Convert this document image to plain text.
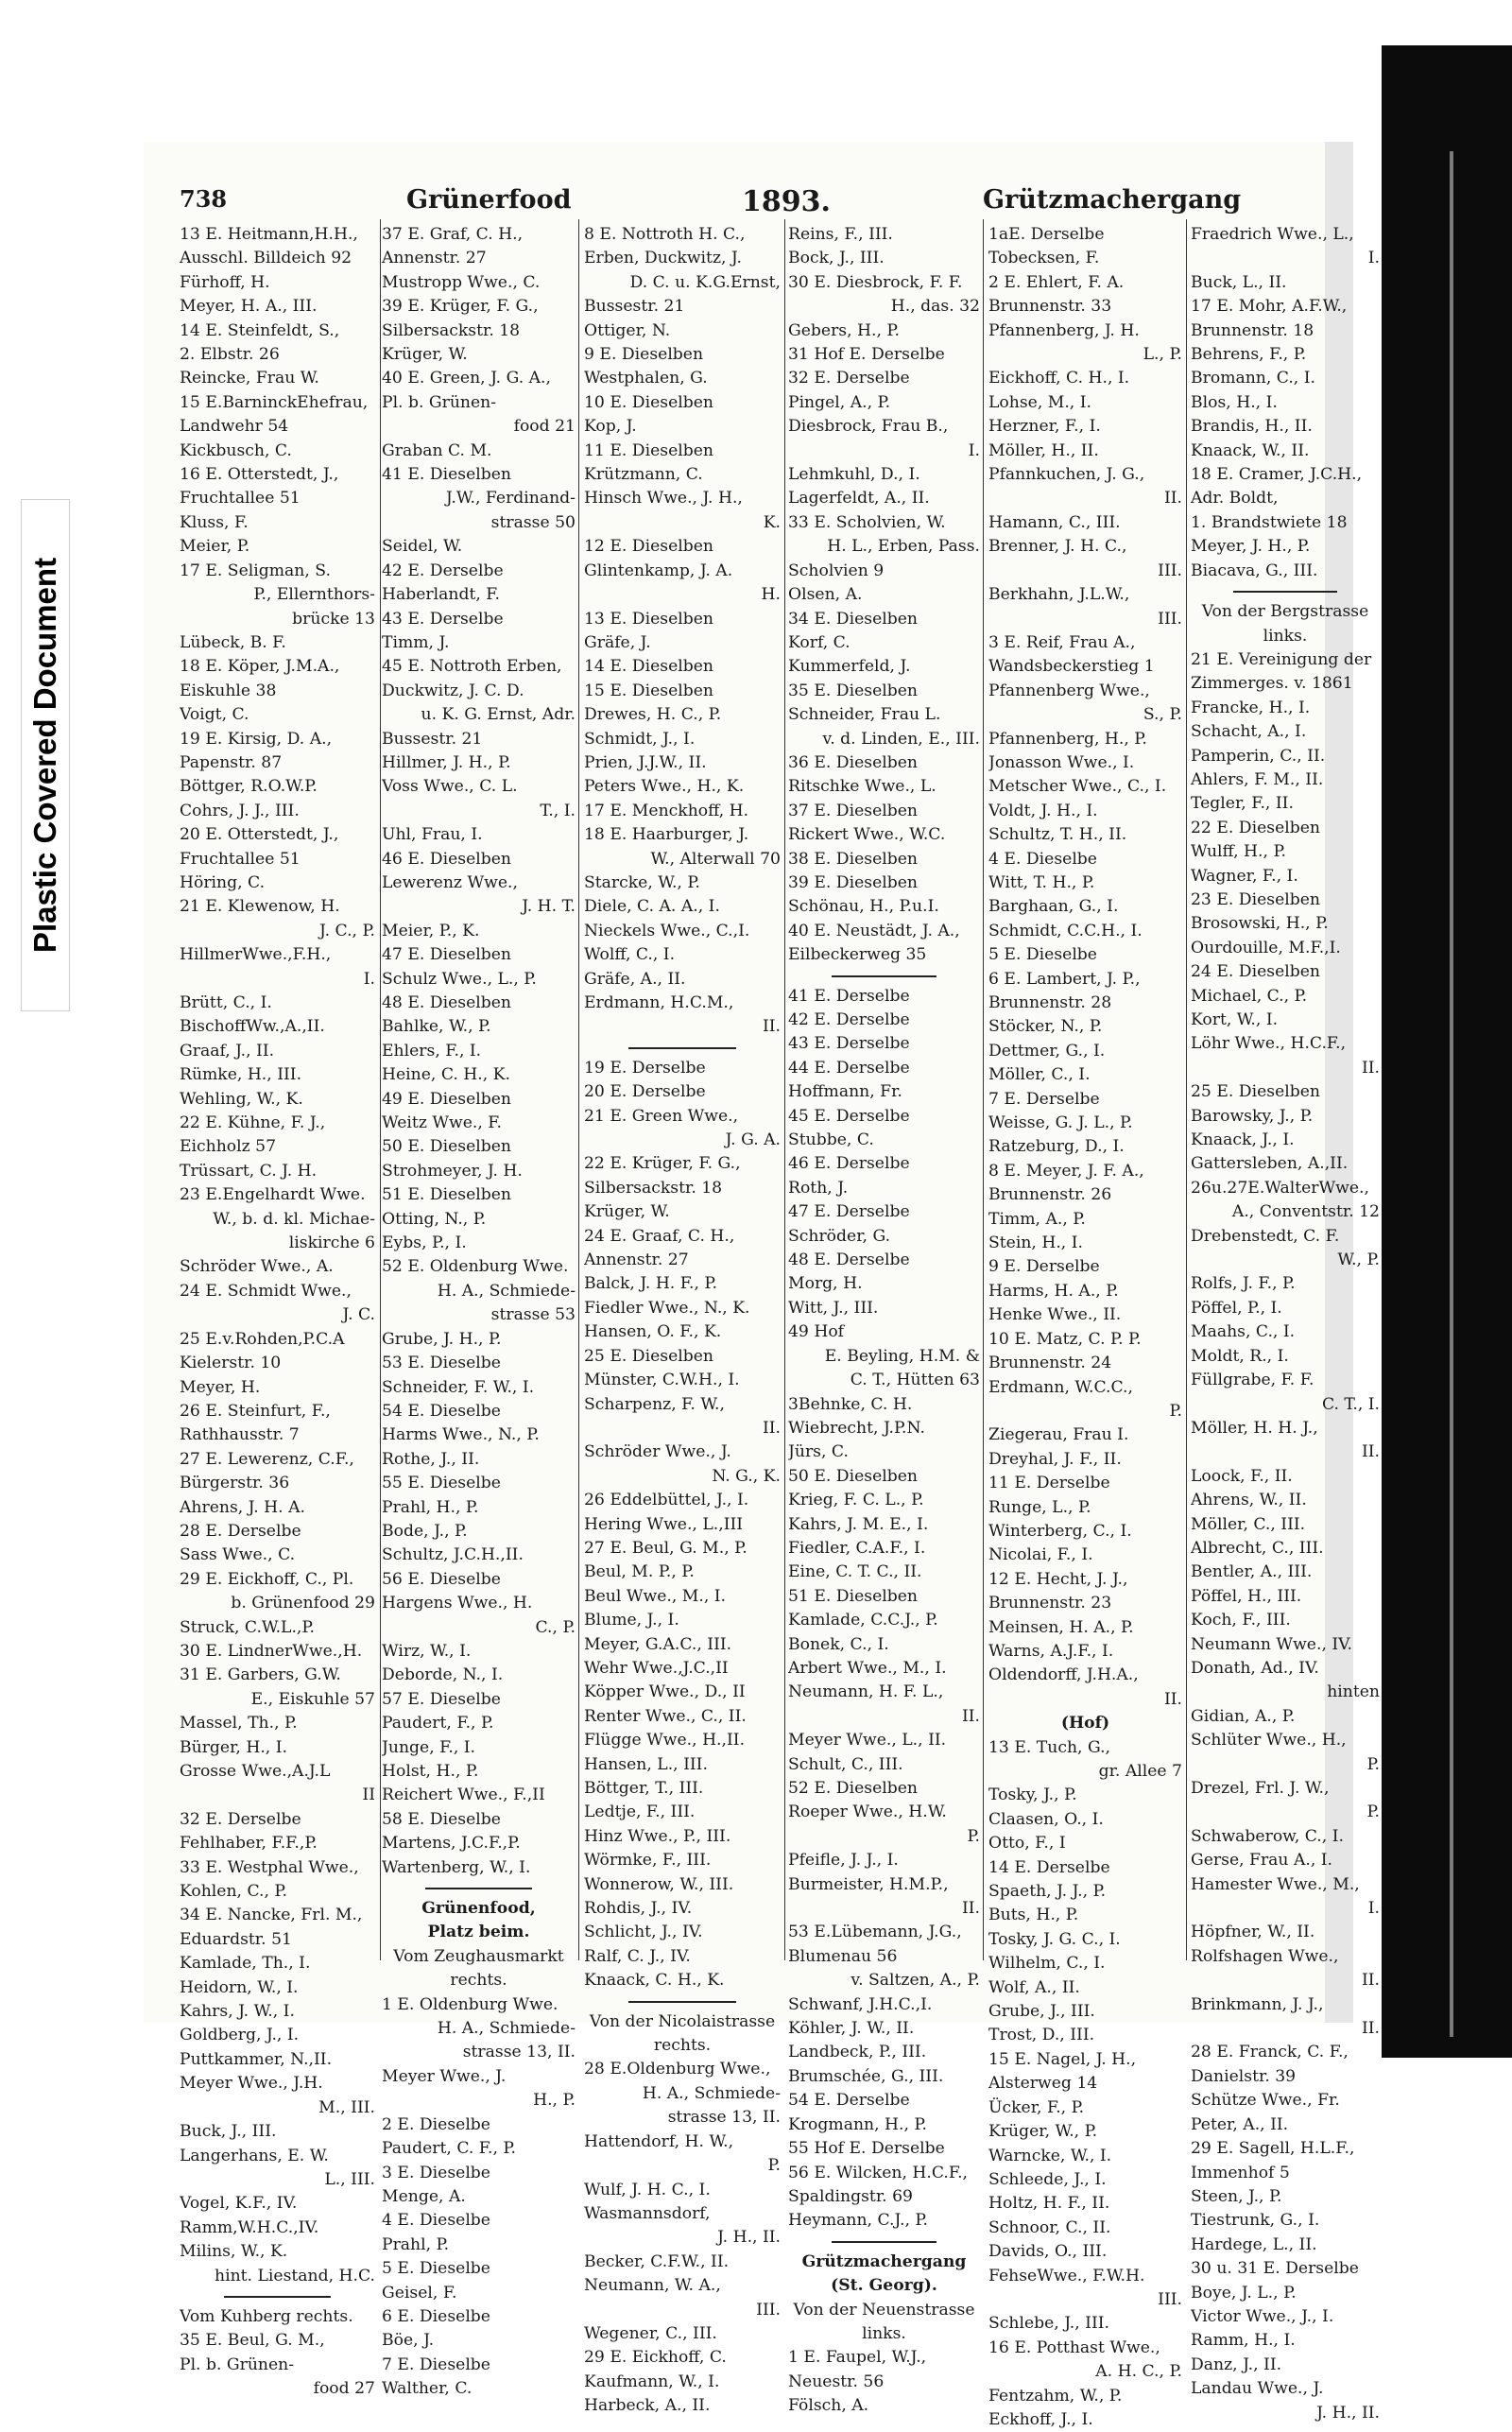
Plastic Covered Document
738	Grünerfood	1893.	Grützmachergang
13 E. Heitmann,H.H.,
Ausschl. Billdeich 92
Fürhoff, H.
Meyer, H. A., III.
14 E. Steinfeldt, S.,
2. Elbstr. 26
Reincke, Frau W.
15 E.BarninckEhefrau,
Landwehr 54
Kickbusch, C.
16 E. Otterstedt, J.,
Fruchtallee 51
Kluss, F.
Meier, P.
17 E. Seligman, S.
P., Ellernthors-
brücke 13
Lübeck, B. F.
18 E. Köper, J.M.A.,
Eiskuhle 38
Voigt, C.
19 E. Kirsig, D. A.,
Papenstr. 87
Böttger, R.O.W.P.
Cohrs, J. J., III.
20 E. Otterstedt, J.,
Fruchtallee 51
Höring, C.
21 E. Klewenow, H.
J. C., P.
HillmerWwe.,F.H.,
I.
Brütt, C., I.
BischoffWw.,A.,II.
Graaf, J., II.
Rümke, H., III.
Wehling, W., K.
22 E. Kühne, F. J.,
Eichholz 57
Trüssart, C. J. H.
23 E.Engelhardt Wwe.
W., b. d. kl. Michae-
liskirche 6
Schröder Wwe., A.
24 E. Schmidt Wwe.,
J. C.
25 E.v.Rohden,P.C.A
Kielerstr. 10
Meyer, H.
26 E. Steinfurt, F.,
Rathhausstr. 7
27 E. Lewerenz, C.F.,
Bürgerstr. 36
Ahrens, J. H. A.
28 E. Derselbe
Sass Wwe., C.
29 E. Eickhoff, C., Pl.
b. Grünenfood 29
Struck, C.W.L.,P.
30 E. LindnerWwe.,H.
31 E. Garbers, G.W.
E., Eiskuhle 57
Massel, Th., P.
Bürger, H., I.
Grosse Wwe.,A.J.L
II
32 E. Derselbe
Fehlhaber, F.F.,P.
33 E. Westphal Wwe.,
Kohlen, C., P.
34 E. Nancke, Frl. M.,
Eduardstr. 51
Kamlade, Th., I.
Heidorn, W., I.
Kahrs, J. W., I.
Goldberg, J., I.
Puttkammer, N.,II.
Meyer Wwe., J.H.
M., III.
Buck, J., III.
Langerhans, E. W.
L., III.
Vogel, K.F., IV.
Ramm,W.H.C.,IV.
Milins, W., K.
hint. Liestand, H.C.
Vom Kuhberg rechts.
35 E. Beul, G. M.,
Pl. b. Grünen-
food 27
37 E. Graf, C. H.,
Annenstr. 27
Mustropp Wwe., C.
39 E. Krüger, F. G.,
Silbersackstr. 18
Krüger, W.
40 E. Green, J. G. A.,
Pl. b. Grünen-
food 21
Graban C. M.
41 E. Dieselben
J.W., Ferdinand-
strasse 50
Seidel, W.
42 E. Derselbe
Haberlandt, F.
43 E. Derselbe
Timm, J.
45 E. Nottroth Erben,
Duckwitz, J. C. D.
u. K. G. Ernst, Adr.
Bussestr. 21
Hillmer, J. H., P.
Voss Wwe., C. L.
T., I.
Uhl, Frau, I.
46 E. Dieselben
Lewerenz Wwe.,
J. H. T.
Meier, P., K.
47 E. Dieselben
Schulz Wwe., L., P.
48 E. Dieselben
Bahlke, W., P.
Ehlers, F., I.
Heine, C. H., K.
49 E. Dieselben
Weitz Wwe., F.
50 E. Dieselben
Strohmeyer, J. H.
51 E. Dieselben
Otting, N., P.
Eybs, P., I.
52 E. Oldenburg Wwe.
H. A., Schmiede-
strasse 53
Grube, J. H., P.
53 E. Dieselbe
Schneider, F. W., I.
54 E. Dieselbe
Harms Wwe., N., P.
Rothe, J., II.
55 E. Dieselbe
Prahl, H., P.
Bode, J., P.
Schultz, J.C.H.,II.
56 E. Dieselbe
Hargens Wwe., H.
C., P.
Wirz, W., I.
Deborde, N., I.
57 E. Dieselbe
Paudert, F., P.
Junge, F., I.
Holst, H., P.
Reichert Wwe., F.,II
58 E. Dieselbe
Martens, J.C.F.,P.
Wartenberg, W., I.
Grünenfood,
Platz beim.
Vom Zeughausmarkt
rechts.
1 E. Oldenburg Wwe.
H. A., Schmiede-
strasse 13, II.
Meyer Wwe., J.
H., P.
2 E. Dieselbe
Paudert, C. F., P.
3 E. Dieselbe
Menge, A.
4 E. Dieselbe
Prahl, P.
5 E. Dieselbe
Geisel, F.
6 E. Dieselbe
Böe, J.
7 E. Dieselbe
Walther, C.
8 E. Nottroth H. C.,
Erben, Duckwitz, J.
D. C. u. K.G.Ernst,
Bussestr. 21
Ottiger, N.
9 E. Dieselben
Westphalen, G.
10 E. Dieselben
Kop, J.
11 E. Dieselben
Krützmann, C.
Hinsch Wwe., J. H.,
K.
12 E. Dieselben
Glintenkamp, J. A.
H.
13 E. Dieselben
Gräfe, J.
14 E. Dieselben
15 E. Dieselben
Drewes, H. C., P.
Schmidt, J., I.
Prien, J.J.W., II.
Peters Wwe., H., K.
17 E. Menckhoff, H.
18 E. Haarburger, J.
W., Alterwall 70
Starcke, W., P.
Diele, C. A. A., I.
Nieckels Wwe., C.,I.
Wolff, C., I.
Gräfe, A., II.
Erdmann, H.C.M.,
II.
19 E. Derselbe
20 E. Derselbe
21 E. Green Wwe.,
J. G. A.
22 E. Krüger, F. G.,
Silbersackstr. 18
Krüger, W.
24 E. Graaf, C. H.,
Annenstr. 27
Balck, J. H. F., P.
Fiedler Wwe., N., K.
Hansen, O. F., K.
25 E. Dieselben
Münster, C.W.H., I.
Scharpenz, F. W.,
II.
Schröder Wwe., J.
N. G., K.
26 Eddelbüttel, J., I.
Hering Wwe., L.,III
27 E. Beul, G. M., P.
Beul, M. P., P.
Beul Wwe., M., I.
Blume, J., I.
Meyer, G.A.C., III.
Wehr Wwe.,J.C.,II
Köpper Wwe., D., II
Renter Wwe., C., II.
Flügge Wwe., H.,II.
Hansen, L., III.
Böttger, T., III.
Ledtje, F., III.
Hinz Wwe., P., III.
Wörmke, F., III.
Wonnerow, W., III.
Rohdis, J., IV.
Schlicht, J., IV.
Ralf, C. J., IV.
Knaack, C. H., K.
Von der Nicolaistrasse
rechts.
28 E.Oldenburg Wwe.,
H. A., Schmiede-
strasse 13, II.
Hattendorf, H. W.,
P.
Wulf, J. H. C., I.
Wasmannsdorf,
J. H., II.
Becker, C.F.W., II.
Neumann, W. A.,
III.
Wegener, C., III.
29 E. Eickhoff, C.
Kaufmann, W., I.
Harbeck, A., II.
Reins, F., III.
Bock, J., III.
30 E. Diesbrock, F. F.
H., das. 32
Gebers, H., P.
31 Hof E. Derselbe
32 E. Derselbe
Pingel, A., P.
Diesbrock, Frau B.,
I.
Lehmkuhl, D., I.
Lagerfeldt, A., II.
33 E. Scholvien, W.
H. L., Erben, Pass.
Scholvien 9
Olsen, A.
34 E. Dieselben
Korf, C.
Kummerfeld, J.
35 E. Dieselben
Schneider, Frau L.
v. d. Linden, E., III.
36 E. Dieselben
Ritschke Wwe., L.
37 E. Dieselben
Rickert Wwe., W.C.
38 E. Dieselben
39 E. Dieselben
Schönau, H., P.u.I.
40 E. Neustädt, J. A.,
Eilbeckerweg 35
41 E. Derselbe
42 E. Derselbe
43 E. Derselbe
44 E. Derselbe
Hoffmann, Fr.
45 E. Derselbe
Stubbe, C.
46 E. Derselbe
Roth, J.
47 E. Derselbe
Schröder, G.
48 E. Derselbe
Morg, H.
Witt, J., III.
49 Hof
E. Beyling, H.M. &
C. T., Hütten 63
3Behnke, C. H.
Wiebrecht, J.P.N.
Jürs, C.
50 E. Dieselben
Krieg, F. C. L., P.
Kahrs, J. M. E., I.
Fiedler, C.A.F., I.
Eine, C. T. C., II.
51 E. Dieselben
Kamlade, C.C.J., P.
Bonek, C., I.
Arbert Wwe., M., I.
Neumann, H. F. L.,
II.
Meyer Wwe., L., II.
Schult, C., III.
52 E. Dieselben
Roeper Wwe., H.W.
P.
Pfeifle, J. J., I.
Burmeister, H.M.P.,
II.
53 E.Lübemann, J.G.,
Blumenau 56
v. Saltzen, A., P.
Schwanf, J.H.C.,I.
Köhler, J. W., II.
Landbeck, P., III.
Brumschée, G., III.
54 E. Derselbe
Krogmann, H., P.
55 Hof E. Derselbe
56 E. Wilcken, H.C.F.,
Spaldingstr. 69
Heymann, C.J., P.
Grützmachergang
(St. Georg).
Von der Neuenstrasse
links.
1 E. Faupel, W.J.,
Neuestr. 56
Fölsch, A.
1aE. Derselbe
Tobecksen, F.
2 E. Ehlert, F. A.
Brunnenstr. 33
Pfannenberg, J. H.
L., P.
Eickhoff, C. H., I.
Lohse, M., I.
Herzner, F., I.
Möller, H., II.
Pfannkuchen, J. G.,
II.
Hamann, C., III.
Brenner, J. H. C.,
III.
Berkhahn, J.L.W.,
III.
3 E. Reif, Frau A.,
Wandsbeckerstieg 1
Pfannenberg Wwe.,
S., P.
Pfannenberg, H., P.
Jonasson Wwe., I.
Metscher Wwe., C., I.
Voldt, J. H., I.
Schultz, T. H., II.
4 E. Dieselbe
Witt, T. H., P.
Barghaan, G., I.
Schmidt, C.C.H., I.
5 E. Dieselbe
6 E. Lambert, J. P.,
Brunnenstr. 28
Stöcker, N., P.
Dettmer, G., I.
Möller, C., I.
7 E. Derselbe
Weisse, G. J. L., P.
Ratzeburg, D., I.
8 E. Meyer, J. F. A.,
Brunnenstr. 26
Timm, A., P.
Stein, H., I.
9 E. Derselbe
Harms, H. A., P.
Henke Wwe., II.
10 E. Matz, C. P. P.
Brunnenstr. 24
Erdmann, W.C.C.,
P.
Ziegerau, Frau I.
Dreyhal, J. F., II.
11 E. Derselbe
Runge, L., P.
Winterberg, C., I.
Nicolai, F., I.
12 E. Hecht, J. J.,
Brunnenstr. 23
Meinsen, H. A., P.
Warns, A.J.F., I.
Oldendorff, J.H.A.,
II.
(Hof)
13 E. Tuch, G.,
gr. Allee 7
Tosky, J., P.
Claasen, O., I.
Otto, F., I
14 E. Derselbe
Spaeth, J. J., P.
Buts, H., P.
Tosky, J. G. C., I.
Wilhelm, C., I.
Wolf, A., II.
Grube, J., III.
Trost, D., III.
15 E. Nagel, J. H.,
Alsterweg 14
Ücker, F., P.
Krüger, W., P.
Warncke, W., I.
Schleede, J., I.
Holtz, H. F., II.
Schnoor, C., II.
Davids, O., III.
FehseWwe., F.W.H.
III.
Schlebe, J., III.
16 E. Potthast Wwe.,
A. H. C., P.
Fentzahm, W., P.
Eckhoff, J., I.
Fraedrich Wwe., L.,
I.
Buck, L., II.
17 E. Mohr, A.F.W.,
Brunnenstr. 18
Behrens, F., P.
Bromann, C., I.
Blos, H., I.
Brandis, H., II.
Knaack, W., II.
18 E. Cramer, J.C.H.,
Adr. Boldt,
1. Brandstwiete 18
Meyer, J. H., P.
Biacava, G., III.
Von der Bergstrasse
links.
21 E. Vereinigung der
Zimmerges. v. 1861
Francke, H., I.
Schacht, A., I.
Pamperin, C., II.
Ahlers, F. M., II.
Tegler, F., II.
22 E. Dieselben
Wulff, H., P.
Wagner, F., I.
23 E. Dieselben
Brosowski, H., P.
Ourdouille, M.F.,I.
24 E. Dieselben
Michael, C., P.
Kort, W., I.
Löhr Wwe., H.C.F.,
II.
25 E. Dieselben
Barowsky, J., P.
Knaack, J., I.
Gattersleben, A.,II.
26u.27E.WalterWwe.,
A., Conventstr. 12
Drebenstedt, C. F.
W., P.
Rolfs, J. F., P.
Pöffel, P., I.
Maahs, C., I.
Moldt, R., I.
Füllgrabe, F. F.
C. T., I.
Möller, H. H. J.,
II.
Loock, F., II.
Ahrens, W., II.
Möller, C., III.
Albrecht, C., III.
Bentler, A., III.
Pöffel, H., III.
Koch, F., III.
Neumann Wwe., IV.
Donath, Ad., IV.
hinten
Gidian, A., P.
Schlüter Wwe., H.,
P.
Drezel, Frl. J. W.,
P.
Schwaberow, C., I.
Gerse, Frau A., I.
Hamester Wwe., M.,
I.
Höpfner, W., II.
Rolfshagen Wwe.,
II.
Brinkmann, J. J.,
II.
28 E. Franck, C. F.,
Danielstr. 39
Schütze Wwe., Fr.
Peter, A., II.
29 E. Sagell, H.L.F.,
Immenhof 5
Steen, J., P.
Tiestrunk, G., I.
Hardege, L., II.
30 u. 31 E. Derselbe
Boye, J. L., P.
Victor Wwe., J., I.
Ramm, H., I.
Danz, J., II.
Landau Wwe., J.
J. H., II.
